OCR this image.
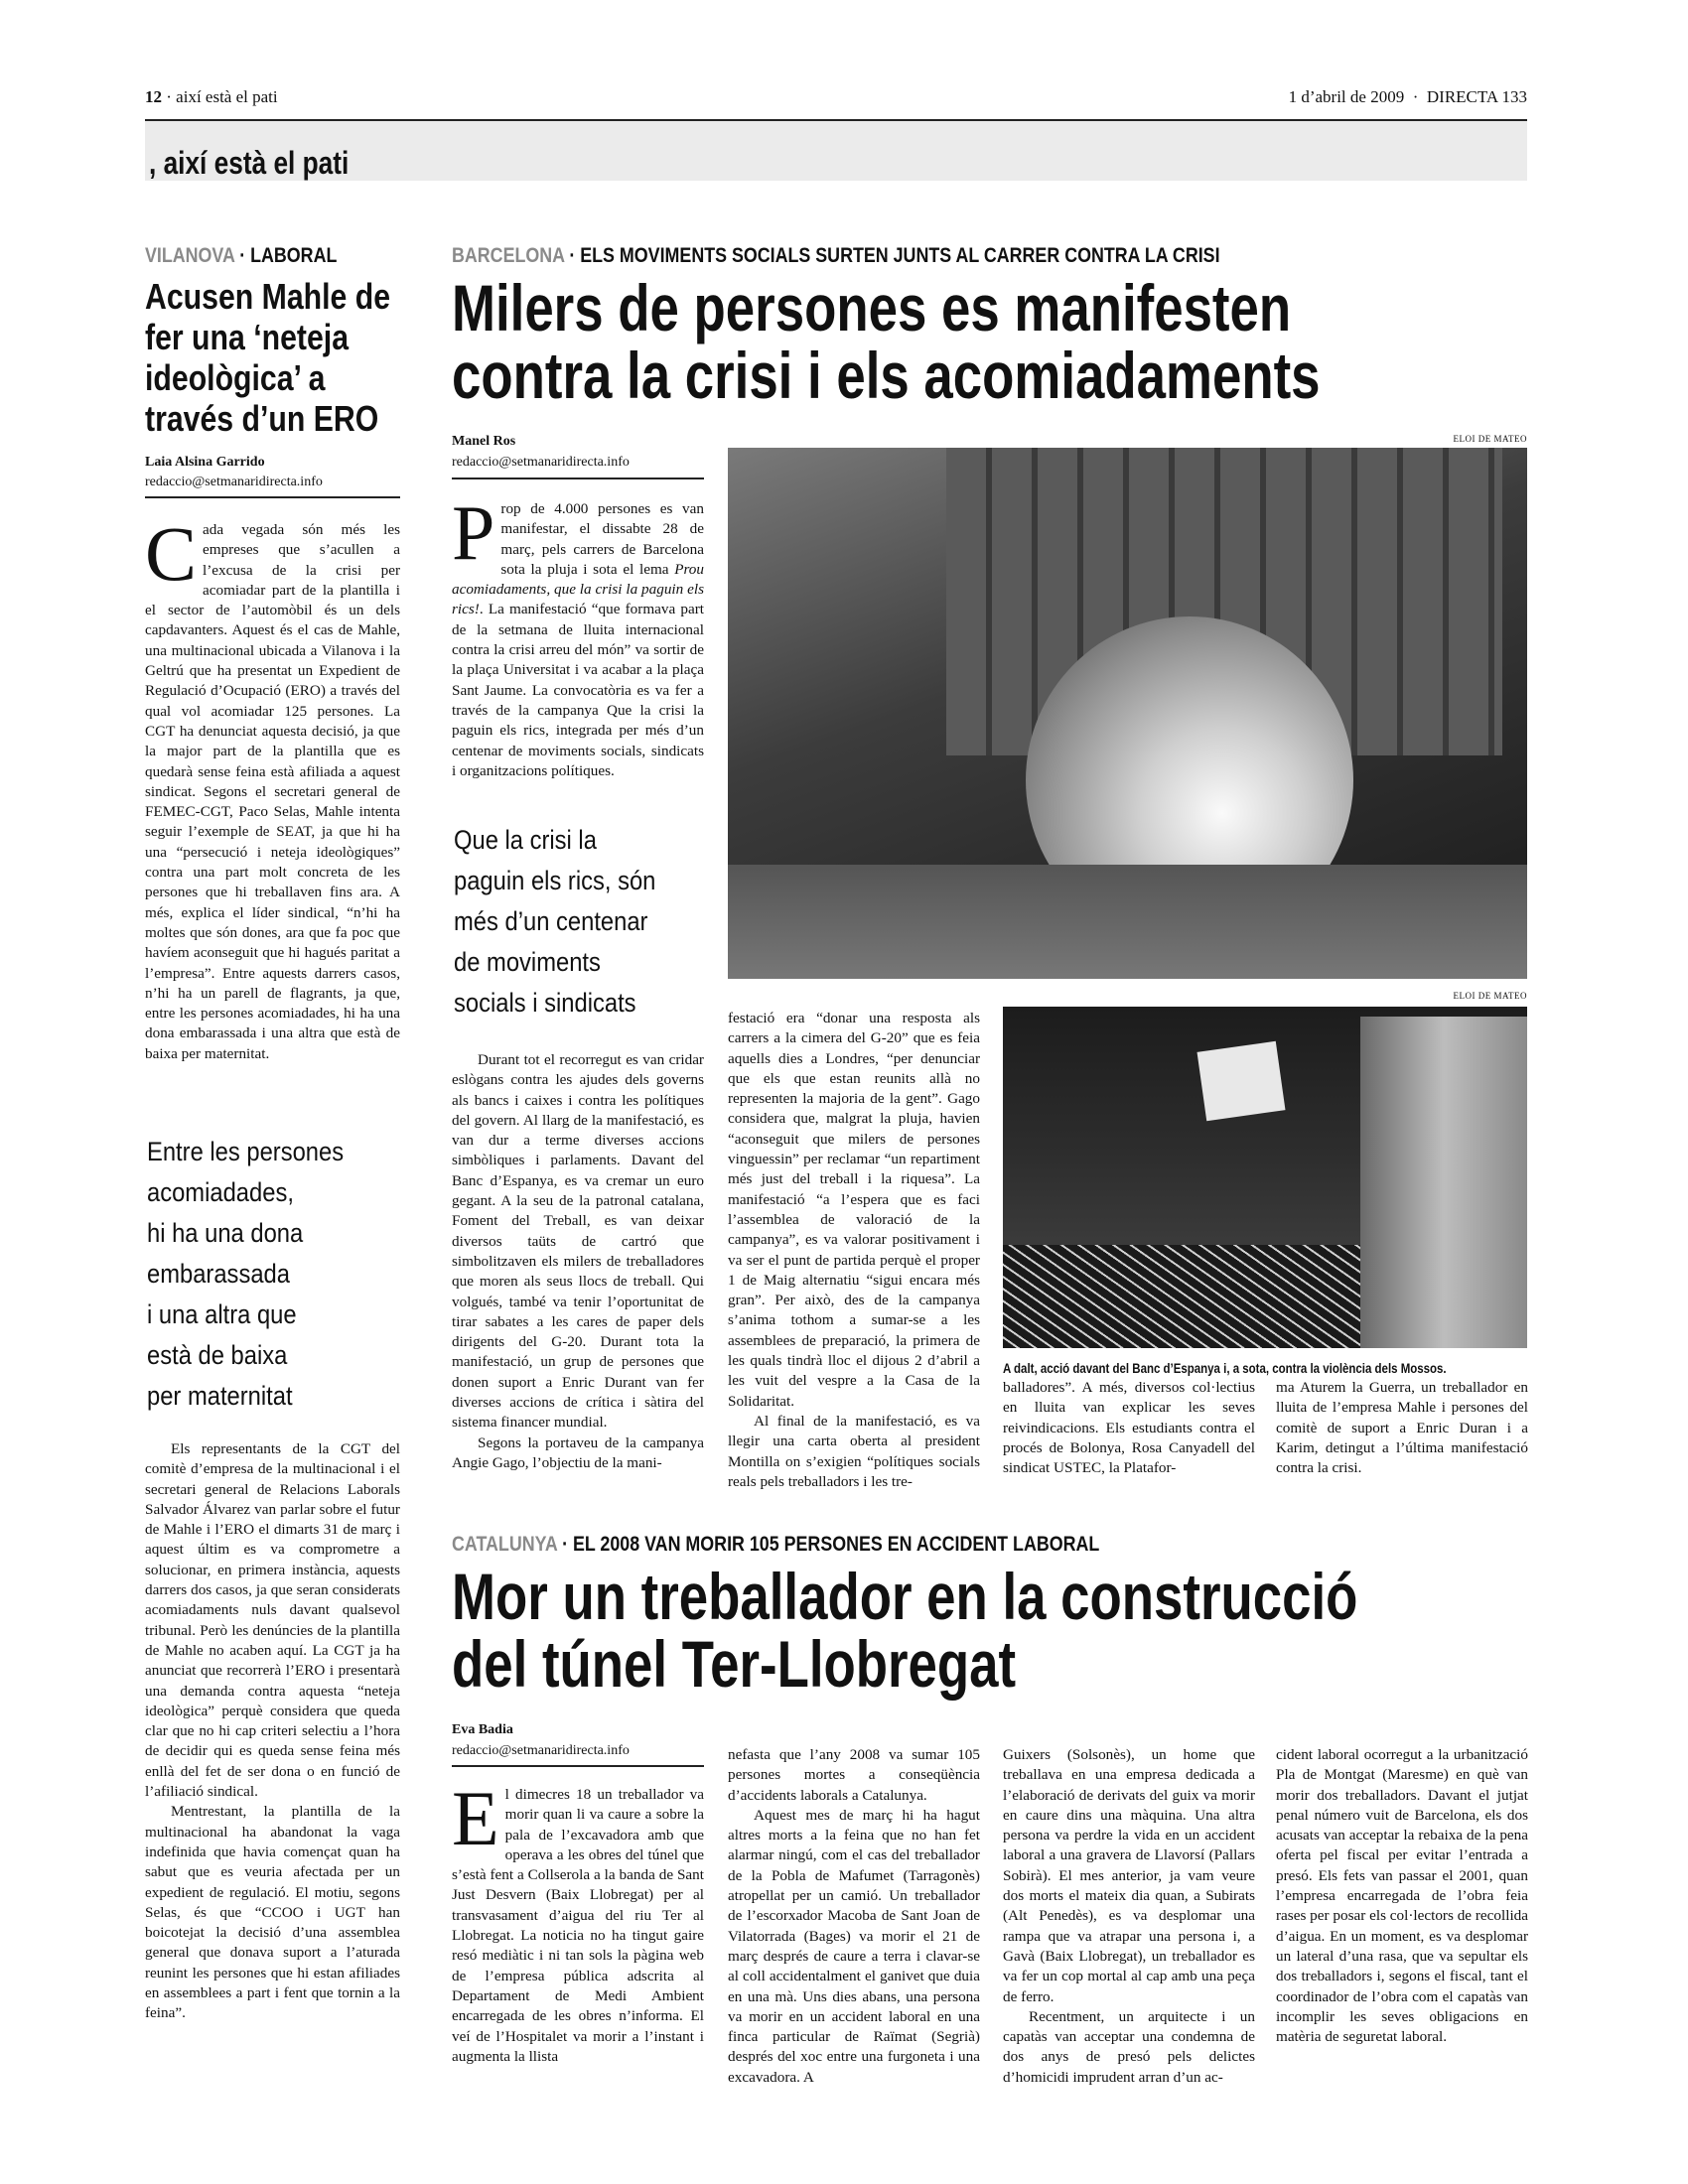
12 · així està el pati	1 d’abril de 2009  ·  DIRECTA 133
, així està el pati
VILANOVA · LABORAL
Acusen Mahle de
fer una ‘neteja
ideològica’ a
través d’un ERO
Laia Alsina Garrido
redaccio@setmanaridirecta.info
C ada vegada són més les empreses que s’acullen a l’excusa de la crisi per acomiadar part de la plantilla i el sector de l’automòbil és un dels capdavanters. Aquest és el cas de Mahle, una multinacional ubicada a Vilanova i la Geltrú que ha presentat un Expedient de Regulació d’Ocupació (ERO) a través del qual vol acomiadar 125 persones. La CGT ha denunciat aquesta decisió, ja que la major part de la plantilla que es quedarà sense feina està afiliada a aquest sindicat. Segons el secretari general de FEMEC-CGT, Paco Selas, Mahle intenta seguir l’exemple de SEAT, ja que hi ha una “persecució i neteja ideològiques” contra una part molt concreta de les persones que hi treballaven fins ara. A més, explica el líder sindical, “n’hi ha moltes que són dones, ara que fa poc que havíem aconseguit que hi hagués paritat a l’empresa”. Entre aquests darrers casos, n’hi ha un parell de flagrants, ja que, entre les persones acomiadades, hi ha una dona embarassada i una altra que està de baixa per maternitat.

Entre les persones
acomiadades,
hi ha una dona
embarassada
i una altra que
està de baixa
per maternitat

Els representants de la CGT del comitè d’empresa de la multinacional i el secretari general de Relacions Laborals Salvador Álvarez van parlar sobre el futur de Mahle i l’ERO el dimarts 31 de març i aquest últim es va comprometre a solucionar, en primera instància, aquests darrers dos casos, ja que seran considerats acomiadaments nuls davant qualsevol tribunal. Però les denúncies de la plantilla de Mahle no acaben aquí. La CGT ja ha anunciat que recorrerà l’ERO i presentarà una demanda contra aquesta “neteja ideològica” perquè considera que queda clar que no hi cap criteri selectiu a l’hora de decidir qui es queda sense feina més enllà del fet de ser dona o en funció de l’afiliació sindical.

Mentrestant, la plantilla de la multinacional ha abandonat la vaga indefinida que havia començat quan ha sabut que es veuria afectada per un expedient de regulació. El motiu, segons Selas, és que “CCOO i UGT han boicotejat la decisió d’una assemblea general que donava suport a l’aturada reunint les persones que hi estan afiliades en assemblees a part i fent que tornin a la feina”.

BARCELONA · ELS MOVIMENTS SOCIALS SURTEN JUNTS AL CARRER CONTRA LA CRISI
Milers de persones es manifesten
contra la crisi i els acomiadaments
Manel Ros
redaccio@setmanaridirecta.info
P rop de 4.000 persones es van manifestar, el dissabte 28 de març, pels carrers de Barcelona sota la pluja i sota el lema Prou acomiadaments, que la crisi la paguin els rics!. La manifestació “que formava part de la setmana de lluita internacional contra la crisi arreu del món” va sortir de la plaça Universitat i va acabar a la plaça Sant Jaume. La convocatòria es va fer a través de la campanya Que la crisi la paguin els rics, integrada per més d’un centenar de moviments socials, sindicats i organitzacions polítiques.

Que la crisi la
paguin els rics, són
més d’un centenar
de moviments
socials i sindicats

Durant tot el recorregut es van cridar eslògans contra les ajudes dels governs als bancs i caixes i contra les polítiques del govern. Al llarg de la manifestació, es van dur a terme diverses accions simbòliques i parlaments. Davant del Banc d’Espanya, es va cremar un euro gegant. A la seu de la patronal catalana, Foment del Treball, es van deixar diversos taüts de cartró que simbolitzaven els milers de treballadores que moren als seus llocs de treball. Qui volgués, també va tenir l’oportunitat de tirar sabates a les cares de paper dels dirigents del G-20. Durant tota la manifestació, un grup de persones que donen suport a Enric Durant van fer diverses accions de crítica i sàtira del sistema financer mundial.

Segons la portaveu de la campanya Angie Gago, l’objectiu de la mani-

festació era “donar una resposta als carrers a la cimera del G-20” que es feia aquells dies a Londres, “per denunciar que els que estan reunits allà no representen la majoria de la gent”. Gago considera que, malgrat la pluja, havien “aconseguit que milers de persones vinguessin” per reclamar “un repartiment més just del treball i la riquesa”. La manifestació “a l’espera que es faci l’assemblea de valoració de la campanya”, es va valorar positivament i va ser el punt de partida perquè el proper 1 de Maig alternatiu “sigui encara més gran”. Per això, des de la campanya s’anima tothom a sumar-se a les assemblees de preparació, la primera de les quals tindrà lloc el dijous 2 d’abril a les vuit del vespre a la Casa de la Solidaritat.

Al final de la manifestació, es va llegir una carta oberta al president Montilla on s’exigien “polítiques socials reals pels treballadors i les tre-

balladores”. A més, diversos col·lectius en lluita van explicar les seves reivindicacions. Els estudiants contra el procés de Bolonya, Rosa Canyadell del sindicat USTEC, la Platafor-

ma Aturem la Guerra, un treballador en lluita de l’empresa Mahle i persones del comitè de suport a Enric Duran i a Karim, detingut a l’última manifestació contra la crisi.

ELOI DE MATEO
ELOI DE MATEO
A dalt, acció davant del Banc d’Espanya i, a sota, contra la violència dels Mossos.
CATALUNYA · EL 2008 VAN MORIR 105 PERSONES EN ACCIDENT LABORAL
Mor un treballador en la construcció
del túnel Ter-Llobregat
Eva Badia
redaccio@setmanaridirecta.info
E l dimecres 18 un treballador va morir quan li va caure a sobre la pala de l’excavadora amb que operava a les obres del túnel que s’està fent a Collserola a la banda de Sant Just Desvern (Baix Llobregat) per al transvasament d’aigua del riu Ter al Llobregat. La noticia no ha tingut gaire resó mediàtic i ni tan sols la pàgina web de l’empresa pública adscrita al Departament de Medi Ambient encarregada de les obres n’informa. El veí de l’Hospitalet va morir a l’instant i augmenta la llista

nefasta que l’any 2008 va sumar 105 persones mortes a conseqüència d’accidents laborals a Catalunya.

Aquest mes de març hi ha hagut altres morts a la feina que no han fet alarmar ningú, com el cas del treballador de la Pobla de Mafumet (Tarragonès) atropellat per un camió. Un treballador de l’escorxador Macoba de Sant Joan de Vilatorrada (Bages) va morir el 21 de març després de caure a terra i clavar-se al coll accidentalment el ganivet que duia en una mà. Uns dies abans, una persona va morir en un accident laboral en una finca particular de Raïmat (Segrià) després del xoc entre una furgoneta i una excavadora. A

Guixers (Solsonès), un home que treballava en una empresa dedicada a l’elaboració de derivats del guix va morir en caure dins una màquina. Una altra persona va perdre la vida en un accident laboral a una gravera de Llavorsí (Pallars Sobirà). El mes anterior, ja vam veure dos morts el mateix dia quan, a Subirats (Alt Penedès), es va desplomar una rampa que va atrapar una persona i, a Gavà (Baix Llobregat), un treballador es va fer un cop mortal al cap amb una peça de ferro.

Recentment, un arquitecte i un capatàs van acceptar una condemna de dos anys de presó pels delictes d’homicidi imprudent arran d’un ac-

cident laboral ocorregut a la urbanització Pla de Montgat (Maresme) en què van morir dos treballadors. Davant el jutjat penal número vuit de Barcelona, els dos acusats van acceptar la rebaixa de la pena oferta pel fiscal per evitar l’entrada a presó. Els fets van passar el 2001, quan l’empresa encarregada de l’obra feia rases per posar els col·lectors de recollida d’aigua. En un moment, es va desplomar un lateral d’una rasa, que va sepultar els dos treballadors i, segons el fiscal, tant el coordinador de l’obra com el capatàs van incomplir les seves obligacions en matèria de seguretat laboral.
